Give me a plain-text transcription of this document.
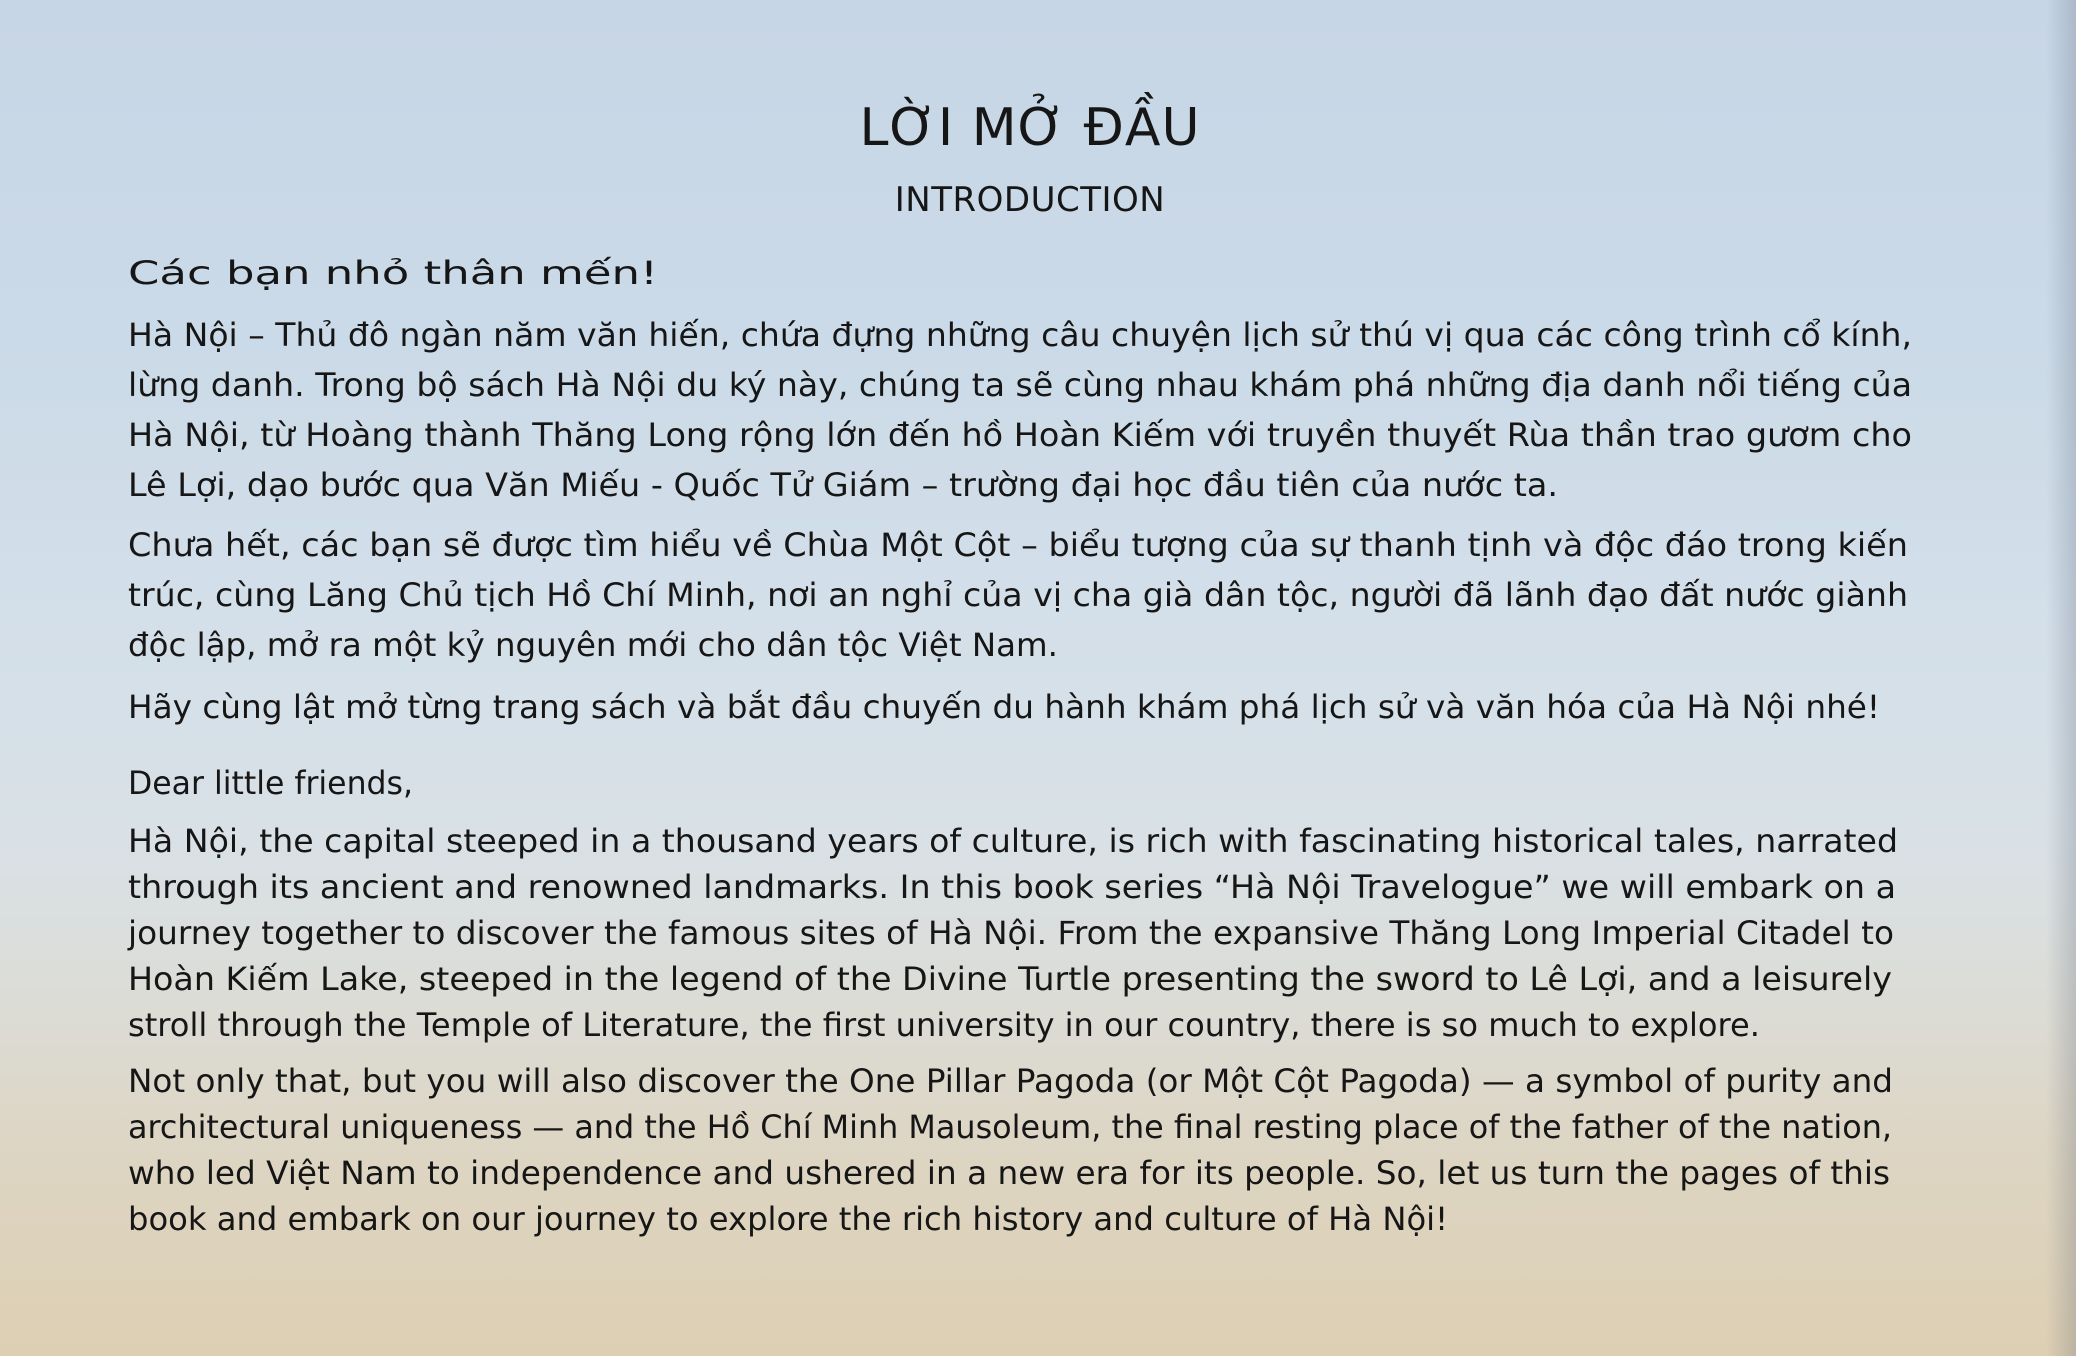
LỜI MỞ ĐẦU
INTRODUCTION

Các bạn nhỏ thân mến!

Hà Nội – Thủ đô ngàn năm văn hiến, chứa đựng những câu chuyện lịch sử thú vị qua các công trình cổ kính,
lừng danh. Trong bộ sách Hà Nội du ký này, chúng ta sẽ cùng nhau khám phá những địa danh nổi tiếng của
Hà Nội, từ Hoàng thành Thăng Long rộng lớn đến hồ Hoàn Kiếm với truyền thuyết Rùa thần trao gươm cho
Lê Lợi, dạo bước qua Văn Miếu - Quốc Tử Giám – trường đại học đầu tiên của nước ta.

Chưa hết, các bạn sẽ được tìm hiểu về Chùa Một Cột – biểu tượng của sự thanh tịnh và độc đáo trong kiến
trúc, cùng Lăng Chủ tịch Hồ Chí Minh, nơi an nghỉ của vị cha già dân tộc, người đã lãnh đạo đất nước giành
độc lập, mở ra một kỷ nguyên mới cho dân tộc Việt Nam.

Hãy cùng lật mở từng trang sách và bắt đầu chuyến du hành khám phá lịch sử và văn hóa của Hà Nội nhé!

Dear little friends,

Hà Nội, the capital steeped in a thousand years of culture, is rich with fascinating historical tales, narrated
through its ancient and renowned landmarks. In this book series “Hà Nội Travelogue” we will embark on a
journey together to discover the famous sites of Hà Nội. From the expansive Thăng Long Imperial Citadel to
Hoàn Kiếm Lake, steeped in the legend of the Divine Turtle presenting the sword to Lê Lợi, and a leisurely
stroll through the Temple of Literature, the first university in our country, there is so much to explore.

Not only that, but you will also discover the One Pillar Pagoda (or Một Cột Pagoda) — a symbol of purity and
architectural uniqueness — and the Hồ Chí Minh Mausoleum, the final resting place of the father of the nation,
who led Việt Nam to independence and ushered in a new era for its people. So, let us turn the pages of this
book and embark on our journey to explore the rich history and culture of Hà Nội!
